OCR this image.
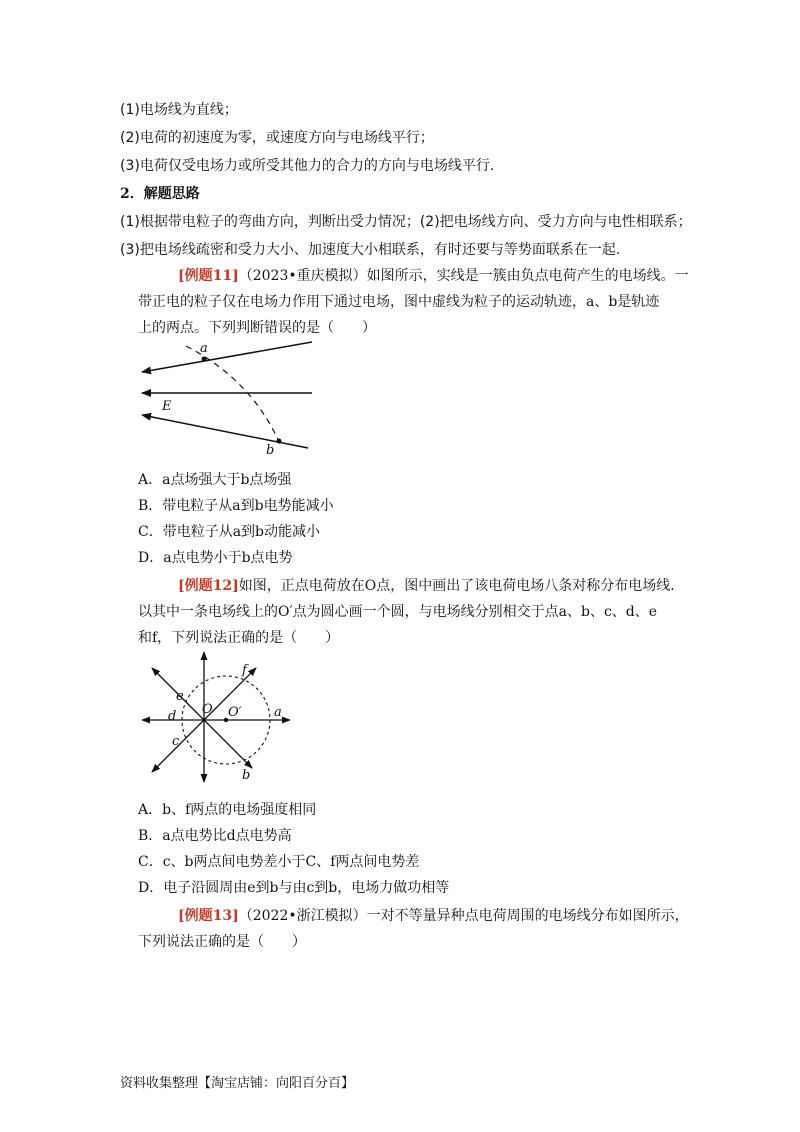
(1)电场线为直线；
(2)电荷的初速度为零，或速度方向与电场线平行；
(3)电荷仅受电场力或所受其他力的合力的方向与电场线平行.
2．解题思路
(1)根据带电粒子的弯曲方向，判断出受力情况；(2)把电场线方向、受力方向与电性相联系；
(3)把电场线疏密和受力大小、加速度大小相联系，有时还要与等势面联系在一起.
[例题11]（2023•重庆模拟）如图所示，实线是一簇由负点电荷产生的电场线。一
带正电的粒子仅在电场力作用下通过电场，图中虚线为粒子的运动轨迹，a、b是轨迹
上的两点。下列判断错误的是（　　）
a
b
E
A．a点场强大于b点场强
B．带电粒子从a到b电势能减小
C．带电粒子从a到b动能减小
D．a点电势小于b点电势
[例题12]如图，正点电荷放在O点，图中画出了该电荷电场八条对称分布电场线．
以其中一条电场线上的O′点为圆心画一个圆，与电场线分别相交于点a、b、c、d、e
和f，下列说法正确的是（　　）
O O′ a
b
c
d
e
f
A．b、f两点的电场强度相同
B．a点电势比d点电势高
C．c、b两点间电势差小于C、f两点间电势差
D．电子沿圆周由e到b与由c到b，电场力做功相等
[例题13]（2022•浙江模拟）一对不等量异种点电荷周围的电场线分布如图所示，
下列说法正确的是（　　）
资料收集整理【淘宝店铺：向阳百分百】
